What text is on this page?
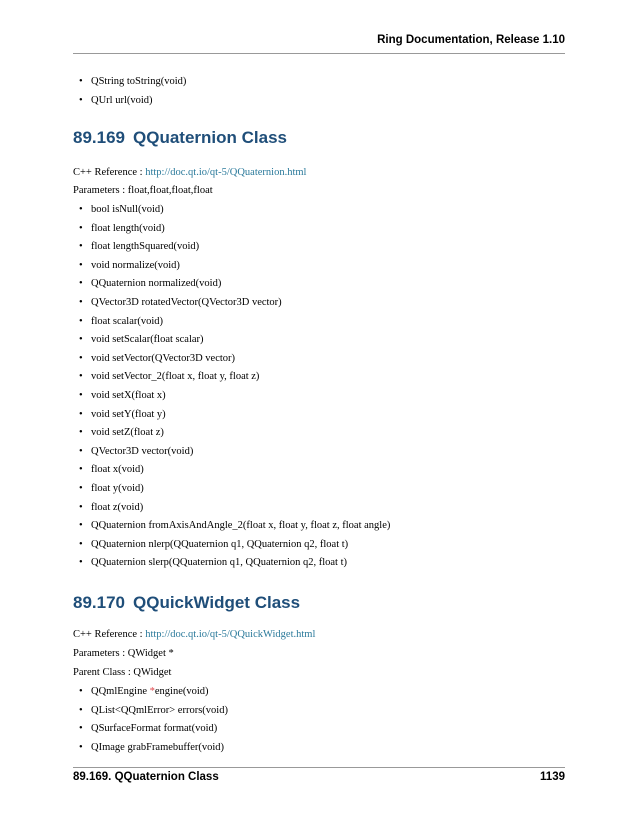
Ring Documentation, Release 1.10
• QString toString(void)
• QUrl url(void)
89.169 QQuaternion Class
C++ Reference : http://doc.qt.io/qt-5/QQuaternion.html
Parameters : float,float,float,float
• bool isNull(void)
• float length(void)
• float lengthSquared(void)
• void normalize(void)
• QQuaternion normalized(void)
• QVector3D rotatedVector(QVector3D vector)
• float scalar(void)
• void setScalar(float scalar)
• void setVector(QVector3D vector)
• void setVector_2(float x, float y, float z)
• void setX(float x)
• void setY(float y)
• void setZ(float z)
• QVector3D vector(void)
• float x(void)
• float y(void)
• float z(void)
• QQuaternion fromAxisAndAngle_2(float x, float y, float z, float angle)
• QQuaternion nlerp(QQuaternion q1, QQuaternion q2, float t)
• QQuaternion slerp(QQuaternion q1, QQuaternion q2, float t)
89.170 QQuickWidget Class
C++ Reference : http://doc.qt.io/qt-5/QQuickWidget.html
Parameters : QWidget *
Parent Class : QWidget
• QQmlEngine *engine(void)
• QList<QQmlError> errors(void)
• QSurfaceFormat format(void)
• QImage grabFramebuffer(void)
89.169. QQuaternion Class	1139
